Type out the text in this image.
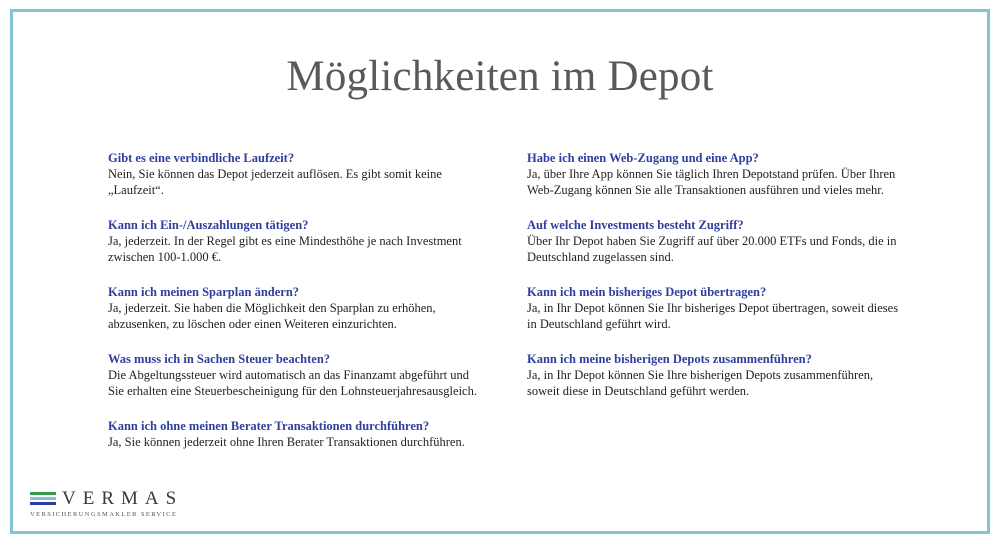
Möglichkeiten im Depot
Gibt es eine verbindliche Laufzeit?
Nein, Sie können das Depot jederzeit auflösen. Es gibt somit keine „Laufzeit“.
Kann ich Ein-/Auszahlungen tätigen?
Ja, jederzeit. In der Regel gibt es eine Mindesthöhe je nach Investment zwischen 100-1.000 €.
Kann ich meinen Sparplan ändern?
Ja, jederzeit. Sie haben die Möglichkeit den Sparplan zu erhöhen, abzusenken, zu löschen oder einen Weiteren einzurichten.
Was muss ich in Sachen Steuer beachten?
Die Abgeltungssteuer wird automatisch an das Finanzamt abgeführt und Sie erhalten eine Steuerbescheinigung für den Lohnsteuerjahresausgleich.
Kann ich ohne meinen Berater Transaktionen durchführen?
Ja, Sie können jederzeit ohne Ihren Berater Transaktionen durchführen.
Habe ich einen Web-Zugang und eine App?
Ja, über Ihre App können Sie täglich Ihren Depotstand prüfen. Über Ihren Web-Zugang können Sie alle Transaktionen ausführen und vieles mehr.
Auf welche Investments besteht Zugriff?
Über Ihr Depot haben Sie Zugriff auf über 20.000 ETFs und Fonds, die in Deutschland zugelassen sind.
Kann ich mein bisheriges Depot übertragen?
Ja, in Ihr Depot können Sie Ihr bisheriges Depot übertragen, soweit dieses in Deutschland geführt wird.
Kann ich meine bisherigen Depots zusammenführen?
Ja, in Ihr Depot können Sie Ihre bisherigen Depots zusammenführen, soweit diese in Deutschland geführt werden.
VERMAS
VERSICHERUNGSMAKLER SERVICE
